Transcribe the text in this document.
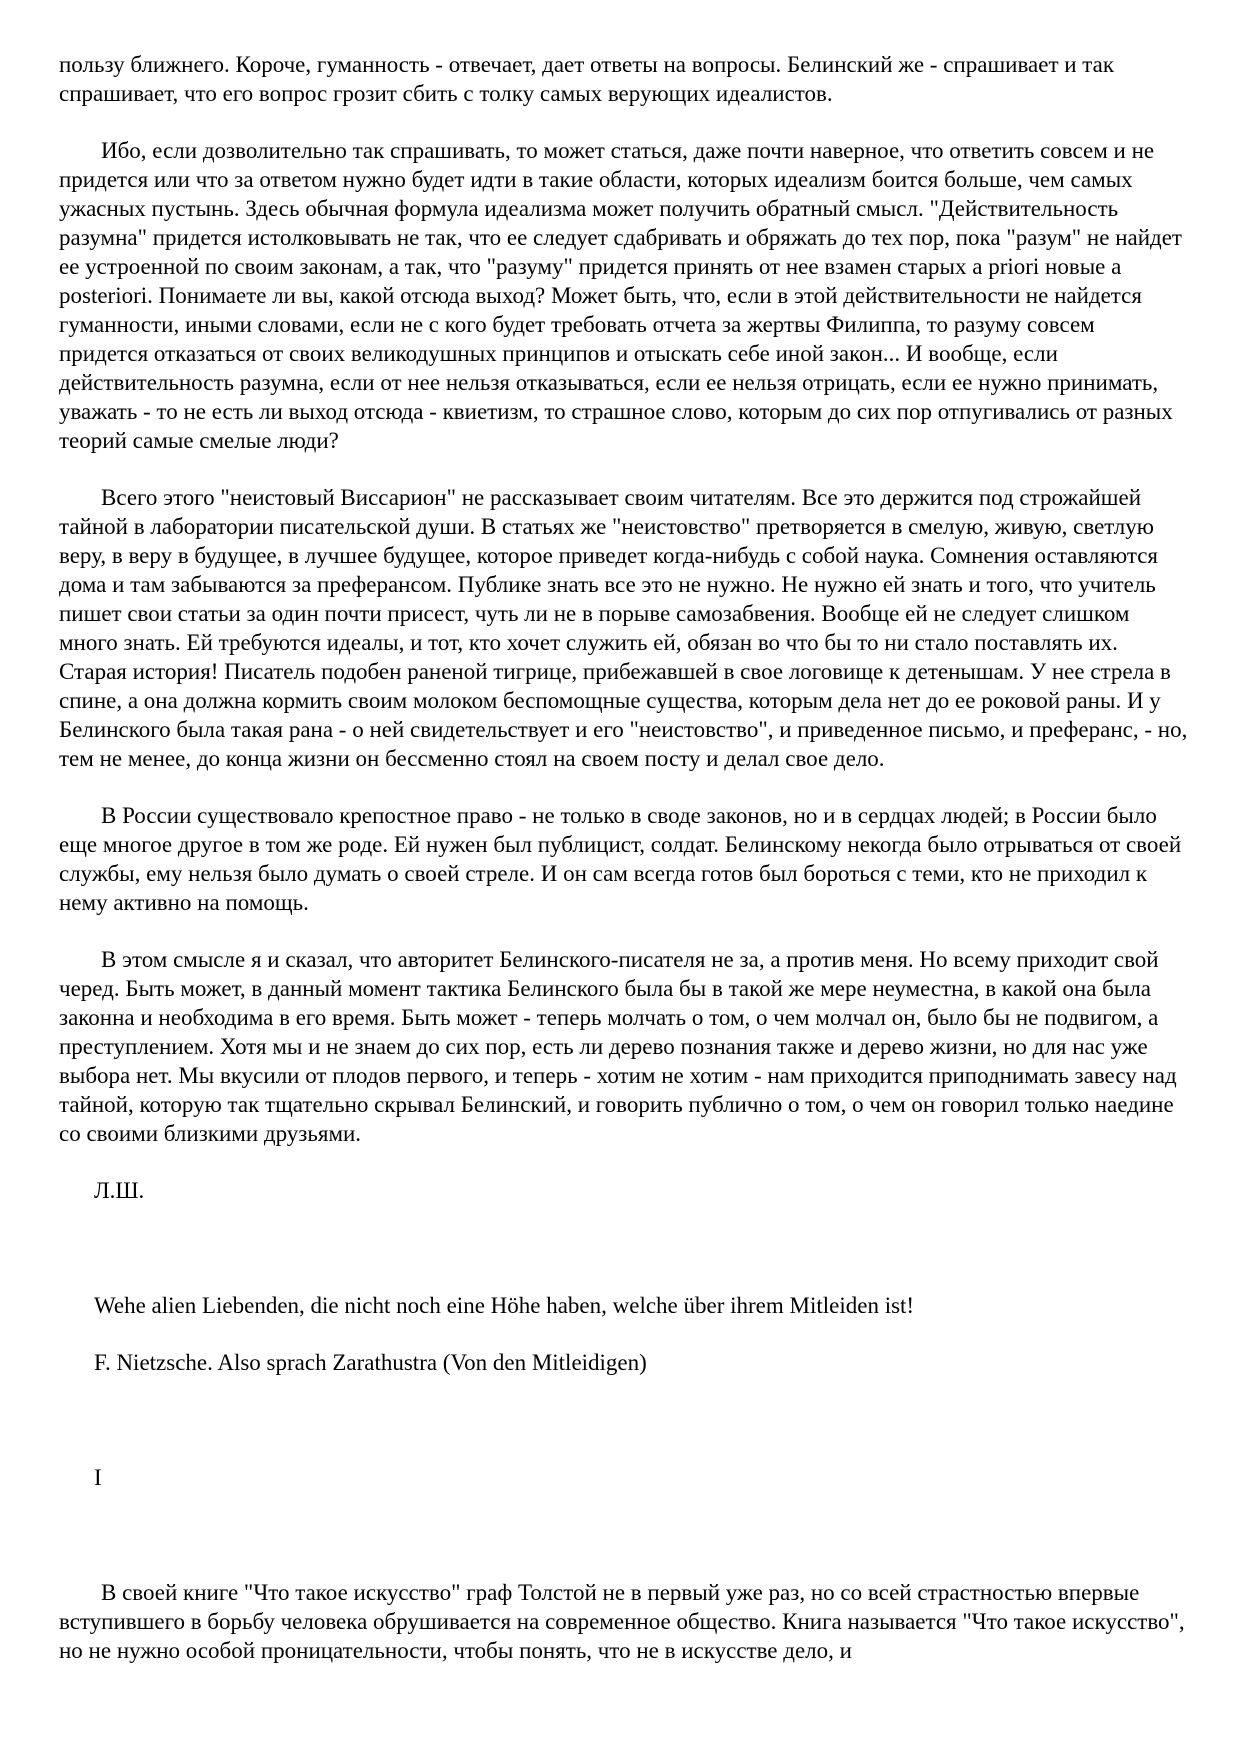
пользу ближнего. Короче, гуманность - отвечает, дает ответы на вопросы. Белинский же - спрашивает и так спрашивает, что его вопрос грозит сбить с толку самых верующих идеалистов.

Ибо, если дозволительно так спрашивать, то может статься, даже почти наверное, что ответить совсем и не придется или что за ответом нужно будет идти в такие области, которых идеализм боится больше, чем самых ужасных пустынь. Здесь обычная формула идеализма может получить обратный смысл. "Действительность разумна" придется истолковывать не так, что ее следует сдабривать и обряжать до тех пор, пока "разум" не найдет ее устроенной по своим законам, а так, что "разуму" придется принять от нее взамен старых a priori новые a posteriori. Понимаете ли вы, какой отсюда выход? Может быть, что, если в этой действительности не найдется гуманности, иными словами, если не с кого будет требовать отчета за жертвы Филиппа, то разуму совсем придется отказаться от своих великодушных принципов и отыскать себе иной закон... И вообще, если действительность разумна, если от нее нельзя отказываться, если ее нельзя отрицать, если ее нужно принимать, уважать - то не есть ли выход отсюда - квиетизм, то страшное слово, которым до сих пор отпугивались от разных теорий самые смелые люди?

Всего этого "неистовый Виссарион" не рассказывает своим читателям. Все это держится под строжайшей тайной в лаборатории писательской души. В статьях же "неистовство" претворяется в смелую, живую, светлую веру, в веру в будущее, в лучшее будущее, которое приведет когда-нибудь с собой наука. Сомнения оставляются дома и там забываются за преферансом. Публике знать все это не нужно. Не нужно ей знать и того, что учитель пишет свои статьи за один почти присест, чуть ли не в порыве самозабвения. Вообще ей не следует слишком много знать. Ей требуются идеалы, и тот, кто хочет служить ей, обязан во что бы то ни стало поставлять их. Старая история! Писатель подобен раненой тигрице, прибежавшей в свое логовище к детенышам. У нее стрела в спине, а она должна кормить своим молоком беспомощные существа, которым дела нет до ее роковой раны. И у Белинского была такая рана - о ней свидетельствует и его "неистовство", и приведенное письмо, и преферанс, - но, тем не менее, до конца жизни он бессменно стоял на своем посту и делал свое дело.

В России существовало крепостное право - не только в своде законов, но и в сердцах людей; в России было еще многое другое в том же роде. Ей нужен был публицист, солдат. Белинскому некогда было отрываться от своей службы, ему нельзя было думать о своей стреле. И он сам всегда готов был бороться с теми, кто не приходил к нему активно на помощь.

В этом смысле я и сказал, что авторитет Белинского-писателя не за, а против меня. Но всему приходит свой черед. Быть может, в данный момент тактика Белинского была бы в такой же мере неуместна, в какой она была законна и необходима в его время. Быть может - теперь молчать о том, о чем молчал он, было бы не подвигом, а преступлением. Хотя мы и не знаем до сих пор, есть ли дерево познания также и дерево жизни, но для нас уже выбора нет. Мы вкусили от плодов первого, и теперь - хотим не хотим - нам приходится приподнимать завесу над тайной, которую так тщательно скрывал Белинский, и говорить публично о том, о чем он говорил только наедине со своими близкими друзьями.

Л.Ш.

Wehe alien Liebenden, die nicht noch eine Höhe haben, welche über ihrem Mitleiden ist!

F. Nietzsche. Also sprach Zarathustra (Von den Mitleidigen)

I

В своей книге "Что такое искусство" граф Толстой не в первый уже раз, но со всей страстностью впервые вступившего в борьбу человека обрушивается на современное общество. Книга называется "Что такое искусство", но не нужно особой проницательности, чтобы понять, что не в искусстве дело, и
